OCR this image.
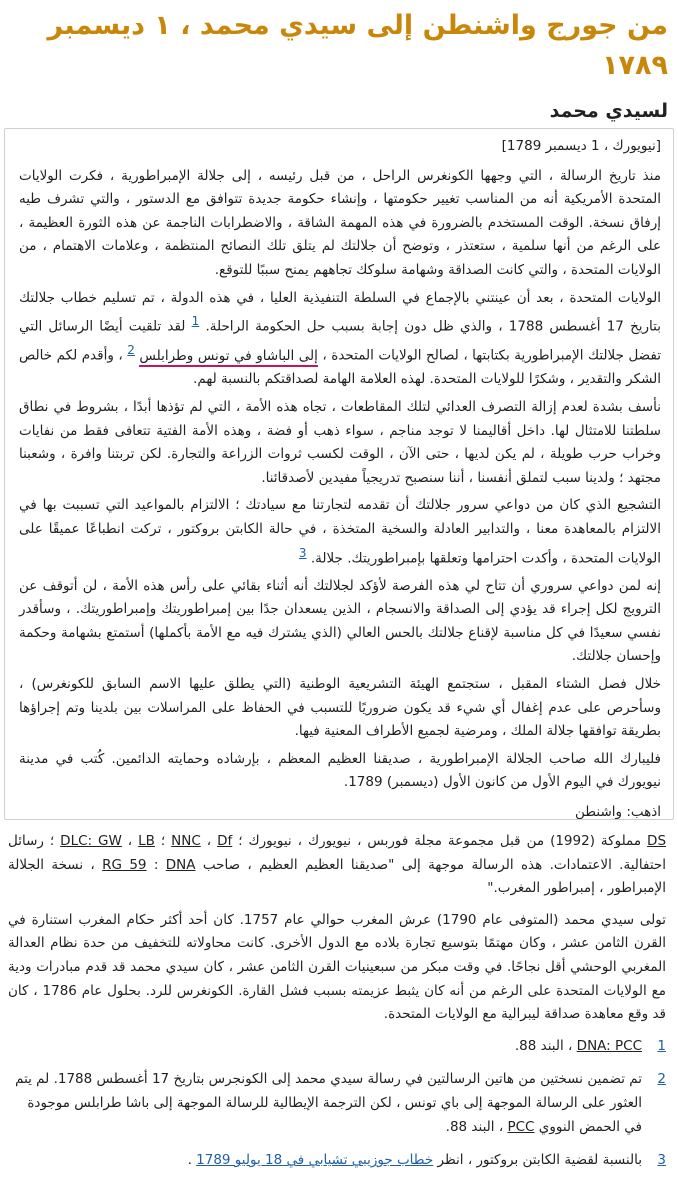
من جورج واشنطن إلى سيدي محمد ، ١ ديسمبر ١٧٨٩
لسيدي محمد

[نيويورك ، 1 ديسمبر 1789]

منذ تاريخ الرسالة ، التي وجهها الكونغرس الراحل ، من قبل رئيسه ، إلى جلالة الإمبراطورية ، فكرت الولايات المتحدة الأمريكية أنه من المناسب تغيير حكومتها ، وإنشاء حكومة جديدة تتوافق مع الدستور ، والتي تشرف طيه إرفاق نسخة. الوقت المستخدم بالضرورة في هذه المهمة الشاقة ، والاضطرابات الناجمة عن هذه الثورة العظيمة ، على الرغم من أنها سلمية ، ستعتذر ، وتوضح أن جلالتك لم يتلق تلك النصائح المنتظمة ، وعلامات الاهتمام ، من الولايات المتحدة ، والتي كانت الصداقة وشهامة سلوكك تجاههم يمنح سببًا للتوقع.

الولايات المتحدة ، بعد أن عينتني بالإجماع في السلطة التنفيذية العليا ، في هذه الدولة ، تم تسليم خطاب جلالتك بتاريخ 17 أغسطس 1788 ، والذي ظل دون إجابة بسبب حل الحكومة الراحلة. 1 لقد تلقيت أيضًا الرسائل التي تفضل جلالتك الإمبراطورية بكتابتها ، لصالح الولايات المتحدة ، إلى الباشاو في تونس وطرابلس 2 ، وأقدم لكم خالص الشكر والتقدير ، وشكرًا للولايات المتحدة. لهذه العلامة الهامة لصداقتكم بالنسبة لهم.

نأسف بشدة لعدم إزالة التصرف العدائي لتلك المقاطعات ، تجاه هذه الأمة ، التي لم تؤذها أبدًا ، بشروط في نطاق سلطتنا للامتثال لها. داخل أقاليمنا لا توجد مناجم ، سواء ذهب أو فضة ، وهذه الأمة الفتية تتعافى فقط من نفايات وخراب حرب طويلة ، لم يكن لديها ، حتى الآن ، الوقت لكسب ثروات الزراعة والتجارة. لكن تربتنا وافرة ، وشعبنا مجتهد ؛ ولدينا سبب لتملق أنفسنا ، أننا سنصبح تدريجياً مفيدين لأصدقائنا.

التشجيع الذي كان من دواعي سرور جلالتك أن تقدمه لتجارتنا مع سيادتك ؛ الالتزام بالمواعيد التي تسببت بها في الالتزام بالمعاهدة معنا ، والتدابير العادلة والسخية المتخذة ، في حالة الكابتن بروكتور ، تركت انطباعًا عميقًا على الولايات المتحدة ، وأكدت احترامها وتعلقها بإمبراطوريتك. جلالة. 3

إنه لمن دواعي سروري أن تتاح لي هذه الفرصة لأؤكد لجلالتك أنه أثناء بقائي على رأس هذه الأمة ، لن أتوقف عن الترويج لكل إجراء قد يؤدي إلى الصداقة والانسجام ، الذين يسعدان جدًا بين إمبراطوريتك وإمبراطوريتك. ، وسأقدر نفسي سعيدًا في كل مناسبة لإقناع جلالتك بالحس العالي (الذي يشترك فيه مع الأمة بأكملها) أستمتع بشهامة وحكمة وإحسان جلالتك.

خلال فصل الشتاء المقبل ، ستجتمع الهيئة التشريعية الوطنية (التي يطلق عليها الاسم السابق للكونغرس) ، وسأحرص على عدم إغفال أي شيء قد يكون ضروريًا للتسبب في الحفاظ على المراسلات بين بلدينا وتم إجراؤها بطريقة توافقها جلالة الملك ، ومرضية لجميع الأطراف المعنية فيها.

فليبارك الله صاحب الجلالة الإمبراطورية ، صديقنا العظيم المعظم ، بإرشاده وحمايته الدائمين. كُتب في مدينة نيويورك في اليوم الأول من كانون الأول (ديسمبر) 1789.

اذهب: واشنطن

DS مملوكة (1992) من قبل مجموعة مجلة فوربس ، نيويورك ، نيويورك ؛ Df ، NNC ؛ LB ، DLC: GW ؛ رسائل احتفالية. الاعتمادات. هذه الرسالة موجهة إلى "صديقنا العظيم العظيم ، صاحب DNA : RG 59 ، نسخة الجلالة الإمبراطور ، إمبراطور المغرب."

تولى سيدي محمد (المتوفى عام 1790) عرش المغرب حوالي عام 1757. كان أحد أكثر حكام المغرب استنارة في القرن الثامن عشر ، وكان مهتمًا بتوسيع تجارة بلاده مع الدول الأخرى. كانت محاولاته للتخفيف من حدة نظام العدالة المغربي الوحشي أقل نجاحًا. في وقت مبكر من سبعينيات القرن الثامن عشر ، كان سيدي محمد قد قدم مبادرات ودية مع الولايات المتحدة على الرغم من أنه كان يثبط عزيمته بسبب فشل القارة. الكونغرس للرد. بحلول عام 1786 ، كان قد وقع معاهدة صداقة ليبرالية مع الولايات المتحدة.

1
DNA: PCC ، البند 88.
2
تم تضمين نسختين من هاتين الرسالتين في رسالة سيدي محمد إلى الكونجرس بتاريخ 17 أغسطس 1788. لم يتم العثور على الرسالة الموجهة إلى باي تونس ، لكن الترجمة الإيطالية للرسالة الموجهة إلى باشا طرابلس موجودة في الحمض النووي PCC ، البند 88.
3
بالنسبة لقضية الكابتن بروكتور ، انظر خطاب جوزيبي تشيابي في 18 يوليو 1789 .
